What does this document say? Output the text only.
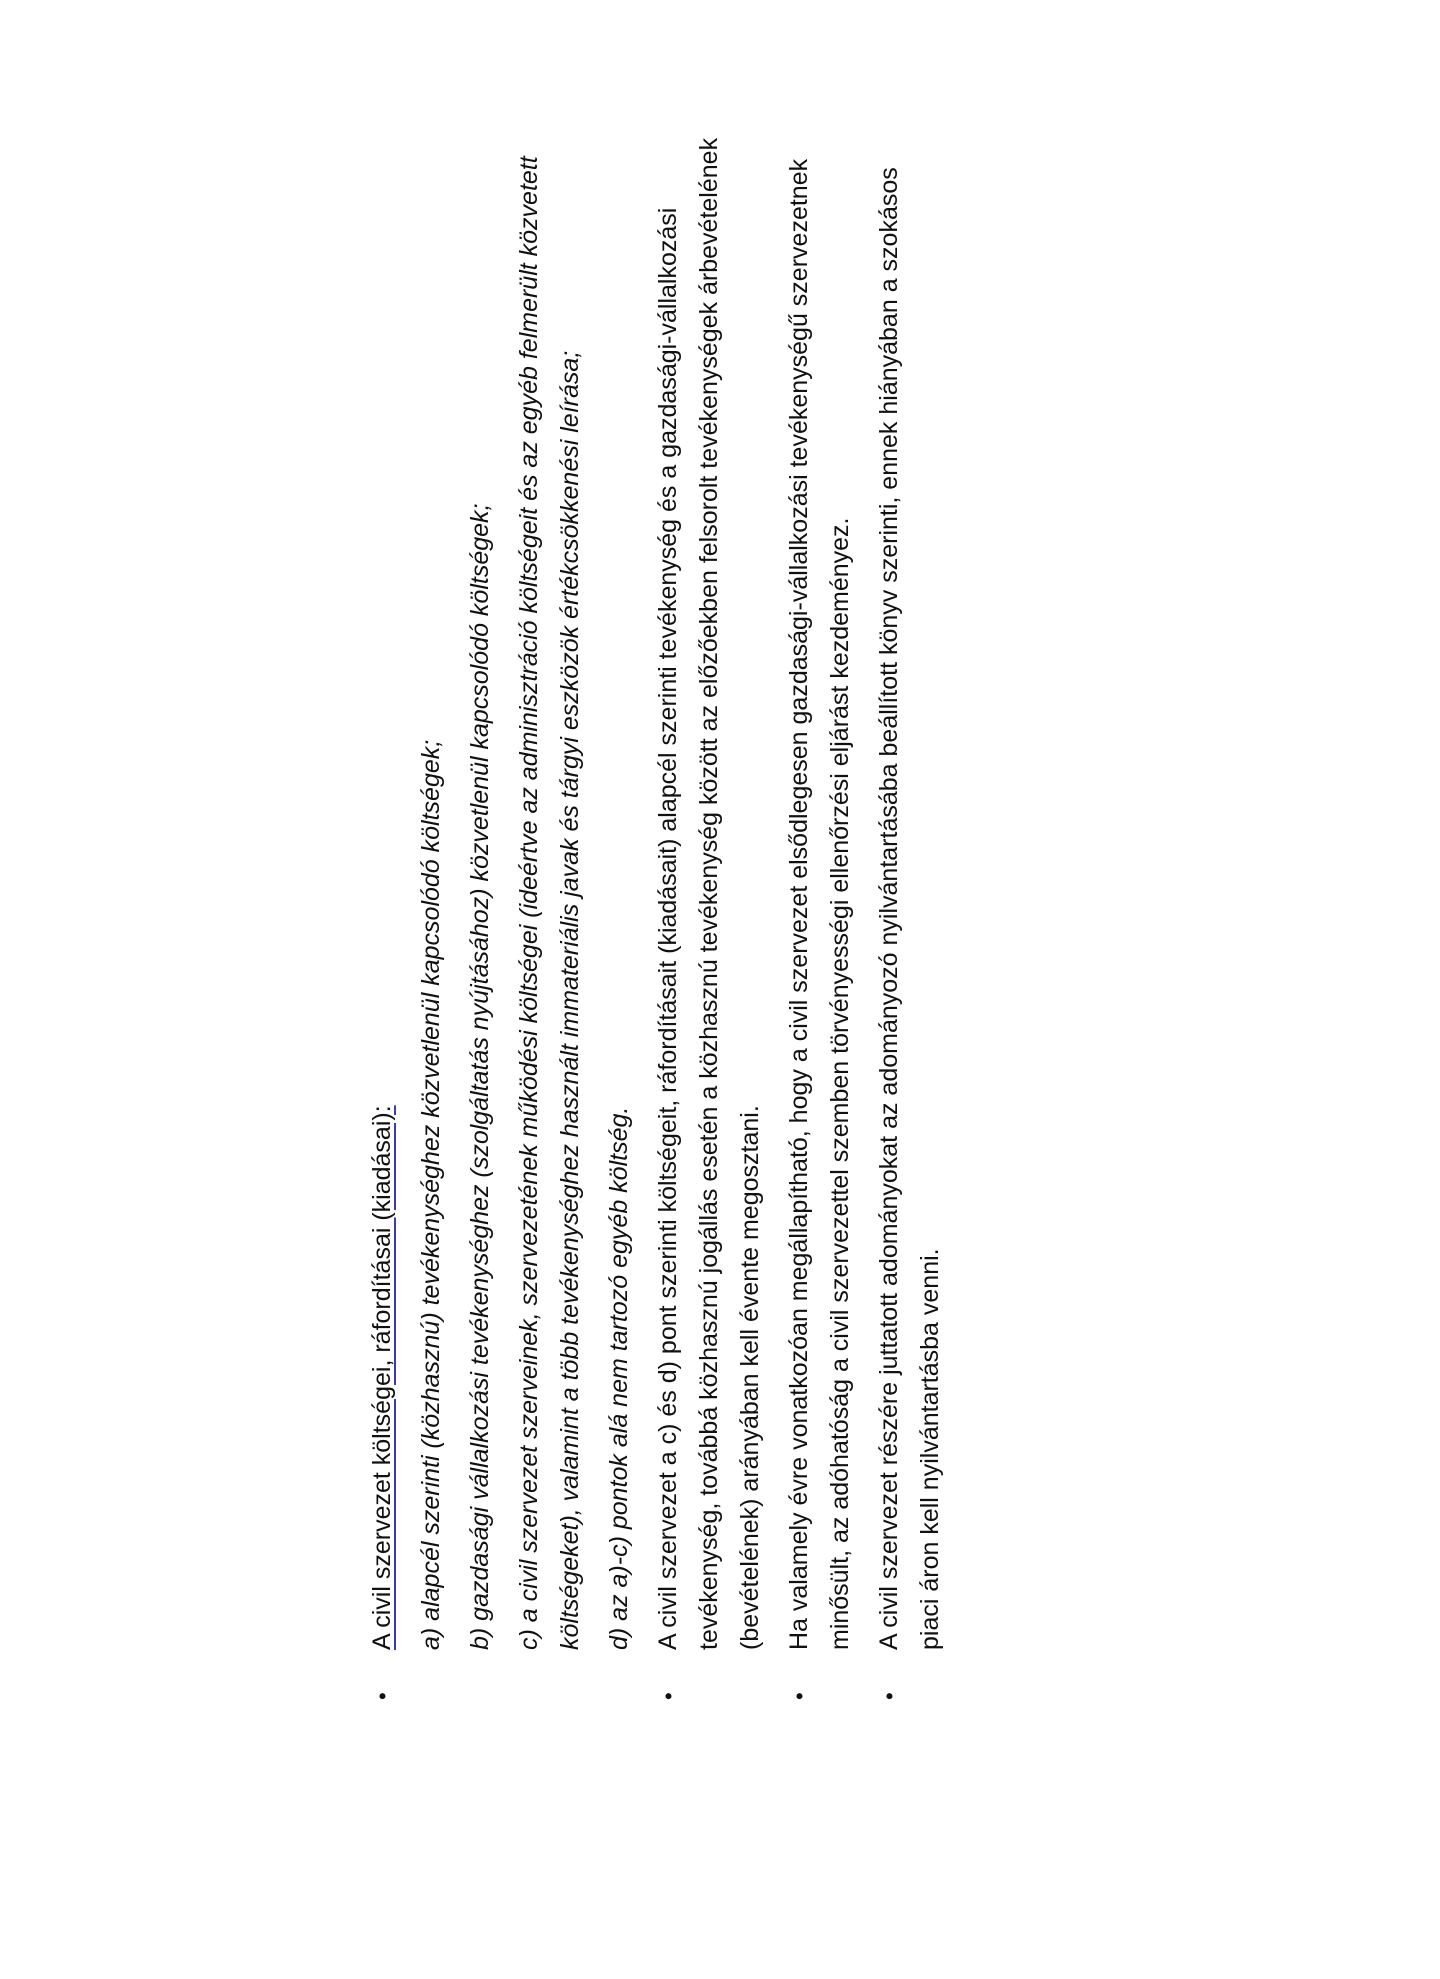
•

A civil szervezet költségei, ráfordításai (kiadásai): a) alapcél szerinti (közhasznú) tevékenységhez közvetlenül kapcsolódó költségek; b) gazdasági vállalkozási tevékenységhez (szolgáltatás nyújtásához) közvetlenül kapcsolódó költségek; c) a civil szervezet szerveinek, szervezetének működési költségei (ideértve az adminisztráció költségeit és az egyéb felmerült közvetett költségeket), valamint a több tevékenységhez használt immateriális javak és tárgyi eszközök értékcsökkenési leírása; d) az a)-c) pontok alá nem tartozó egyéb költség.

•

A civil szervezet a c) és d) pont szerinti költségeit, ráfordításait (kiadásait) alapcél szerinti tevékenység és a gazdasági-vállalkozási tevékenység, továbbá közhasznú jogállás esetén a közhasznú tevékenység között az előzőekben felsorolt tevékenységek árbevételének (bevételének) arányában kell évente megosztani.

•

Ha valamely évre vonatkozóan megállapítható, hogy a civil szervezet elsődlegesen gazdasági-vállalkozási tevékenységű szervezetnek minősült, az adóhatóság a civil szervezettel szemben törvényességi ellenőrzési eljárást kezdeményez.

•

A civil szervezet részére juttatott adományokat az adományozó nyilvántartásába beállított könyv szerinti, ennek hiányában a szokásos piaci áron kell nyilvántartásba venni.
